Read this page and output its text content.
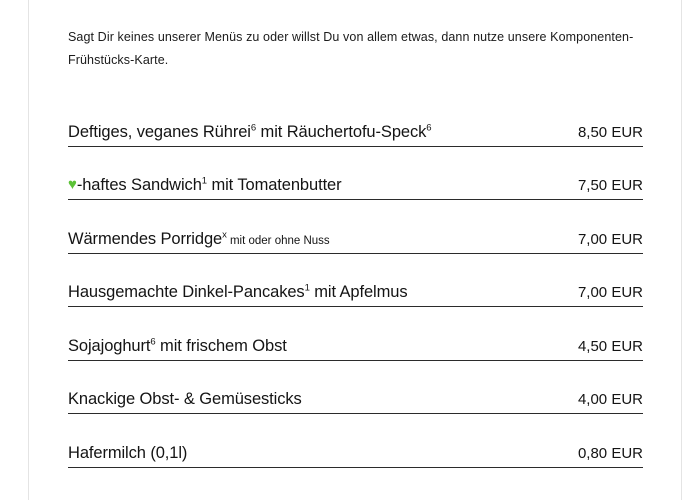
Sagt Dir keines unserer Menüs zu oder willst Du von allem etwas, dann nutze unsere Komponenten-Frühstücks-Karte.

Deftiges, veganes Rührei$^6$ mit Räuchertofu-Speck$^6$	8,50 EUR
♥-haftes Sandwich$^1$ mit Tomatenbutter	7,50 EUR
Wärmendes Porridge$^x$ mit oder ohne Nuss	7,00 EUR
Hausgemachte Dinkel-Pancakes$^1$ mit Apfelmus	7,00 EUR
Sojajoghurt$^6$ mit frischem Obst	4,50 EUR
Knackige Obst- & Gemüsesticks	4,00 EUR
Hafermilch (0,1l)	0,80 EUR
